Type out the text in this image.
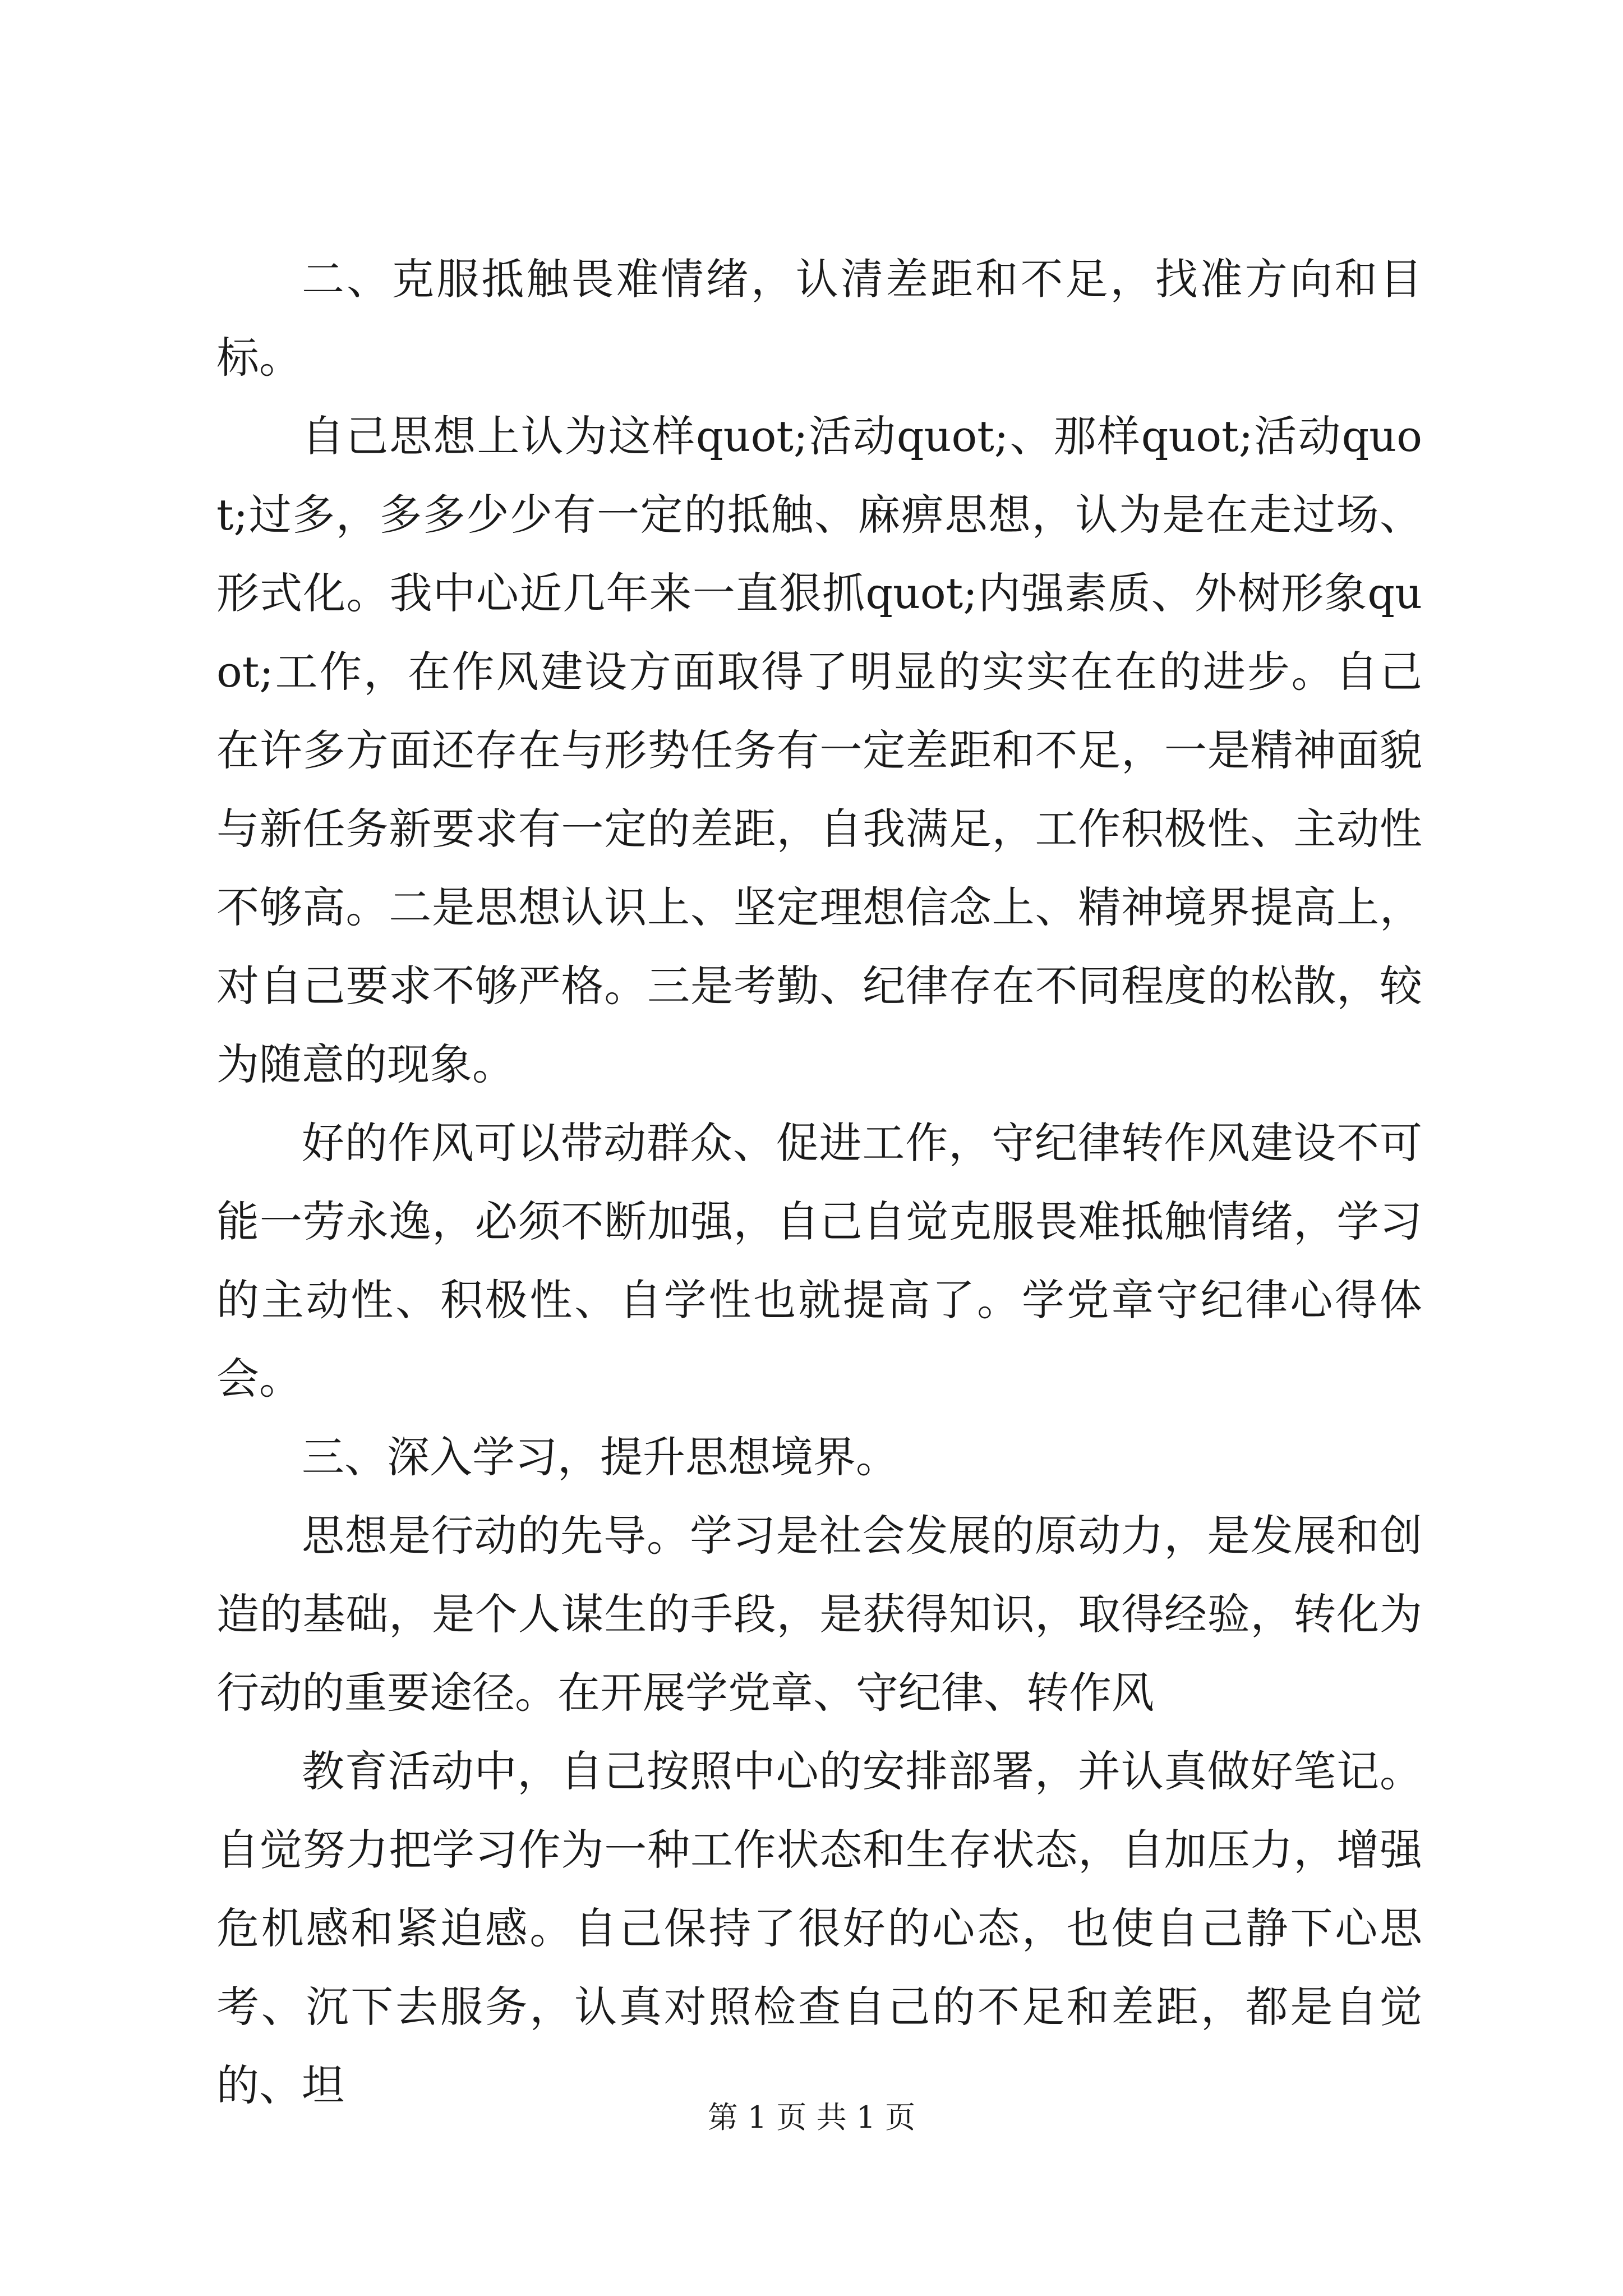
二、克服抵触畏难情绪，认清差距和不足，找准方向和目标。

自己思想上认为这样quot;活动quot;、那样quot;活动quot;过多，多多少少有一定的抵触、麻痹思想，认为是在走过场、形式化。我中心近几年来一直狠抓quot;内强素质、外树形象quot;工作，在作风建设方面取得了明显的实实在在的进步。自己在许多方面还存在与形势任务有一定差距和不足，一是精神面貌与新任务新要求有一定的差距，自我满足，工作积极性、主动性不够高。二是思想认识上、坚定理想信念上、精神境界提高上，对自己要求不够严格。三是考勤、纪律存在不同程度的松散，较为随意的现象。

好的作风可以带动群众、促进工作，守纪律转作风建设不可能一劳永逸，必须不断加强，自己自觉克服畏难抵触情绪，学习的主动性、积极性、自学性也就提高了。学党章守纪律心得体会。

三、深入学习，提升思想境界。

思想是行动的先导。学习是社会发展的原动力，是发展和创造的基础，是个人谋生的手段，是获得知识，取得经验，转化为行动的重要途径。在开展学党章、守纪律、转作风

教育活动中，自己按照中心的安排部署，并认真做好笔记。自觉努力把学习作为一种工作状态和生存状态，自加压力，增强危机感和紧迫感。自己保持了很好的心态，也使自己静下心思考、沉下去服务，认真对照检查自己的不足和差距，都是自觉的、坦

第 1 页 共 1 页
